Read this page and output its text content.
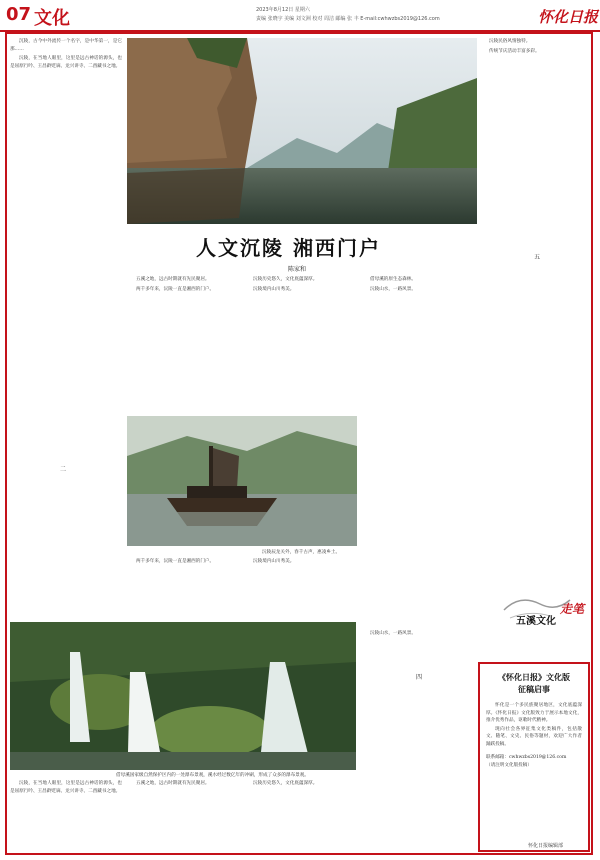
07 文化	2023年8月12日 星期六
责编 张晓宇 美编 刘文洲 校对 周洁 邮编 张 丰 E-mail:cwhwzbs2019@126.com	怀化日报

沉陵，古今中外流传一个名字，是中华第一，是它那……

沅陵，在当地人眼里，这里是远古神话的源头，也是屈原行吟、王昌龄贬谪、龙兴讲寺、二酉藏书之地。

人文沉陵 湘西门户
陈家和

五溪之地，远古时期就有先民聚居。

两千多年来，沅陵一直是湘西的门户。

沅陵历史悠久，文化底蕴深厚。

沅陵境内山川秀美。

借母溪的原生态森林。

沅陵山水，一路风景。

沅陵民俗风情独特。

传统节庆活动丰富多彩。

沅陵辰龙关外，春千古声，惠凌乡土。

两千多年来，沅陵一直是湘西的门户。	沅陵境内山川秀美。

五
二
四
五溪文化
走笔
借母溪国家级自然保护区内的一处瀑布景观，溪水经过数亿年的冲刷，形成了众多的瀑布景观。

沅陵，在当地人眼里，这里是远古神话的源头，也是屈原行吟、王昌龄贬谪、龙兴讲寺、二酉藏书之地。

五溪之地，远古时期就有先民聚居。	沅陵历史悠久，文化底蕴深厚。

沅陵山水，一路风景。

《怀化日报》文化版
征稿启事

怀化是一个多民族聚居地区，文化底蕴深厚。《怀化日报》文化版致力于展示本地文化，推介优秀作品，讴歌时代精神。

现向社会各界征集文化类稿件，包括散文、随笔、文史、民俗等题材，欢迎广大作者踊跃投稿。

联系邮箱：cwhwzbs2019@126.com
（请注明文化版投稿）
怀化日报编辑部
